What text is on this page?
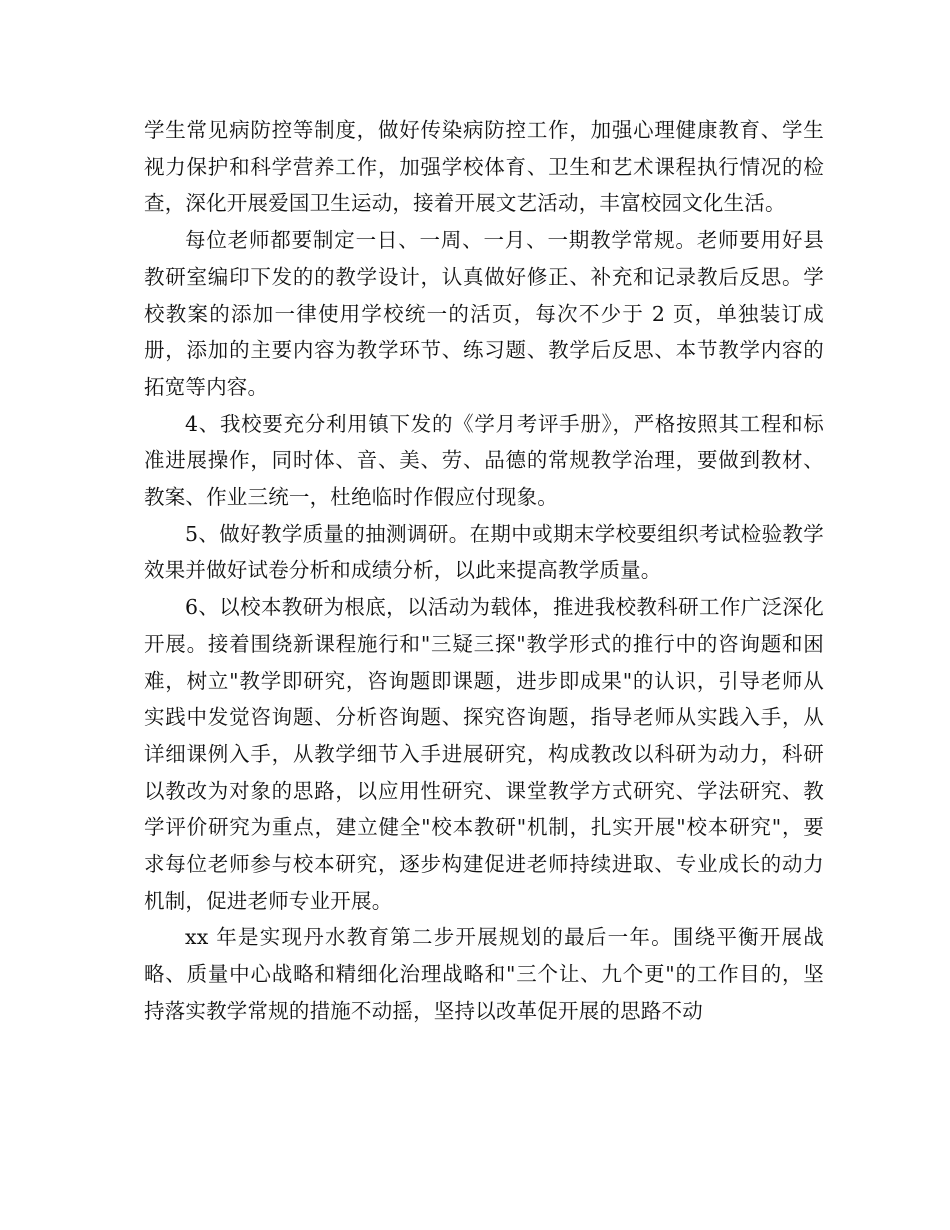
学生常见病防控等制度，做好传染病防控工作，加强心理健康教育、学生视力保护和科学营养工作，加强学校体育、卫生和艺术课程执行情况的检查，深化开展爱国卫生运动，接着开展文艺活动，丰富校园文化生活。

每位老师都要制定一日、一周、一月、一期教学常规。老师要用好县教研室编印下发的的教学设计，认真做好修正、补充和记录教后反思。学校教案的添加一律使用学校统一的活页，每次不少于 2 页，单独装订成册，添加的主要内容为教学环节、练习题、教学后反思、本节教学内容的拓宽等内容。

4、我校要充分利用镇下发的《学月考评手册》，严格按照其工程和标准进展操作，同时体、音、美、劳、品德的常规教学治理，要做到教材、教案、作业三统一，杜绝临时作假应付现象。

5、做好教学质量的抽测调研。在期中或期末学校要组织考试检验教学效果并做好试卷分析和成绩分析，以此来提高教学质量。

6、以校本教研为根底，以活动为载体，推进我校教科研工作广泛深化开展。接着围绕新课程施行和"三疑三探"教学形式的推行中的咨询题和困难，树立"教学即研究，咨询题即课题，进步即成果"的认识，引导老师从实践中发觉咨询题、分析咨询题、探究咨询题，指导老师从实践入手，从详细课例入手，从教学细节入手进展研究，构成教改以科研为动力，科研以教改为对象的思路，以应用性研究、课堂教学方式研究、学法研究、教学评价研究为重点，建立健全"校本教研"机制，扎实开展"校本研究"，要求每位老师参与校本研究，逐步构建促进老师持续进取、专业成长的动力机制，促进老师专业开展。

xx 年是实现丹水教育第二步开展规划的最后一年。围绕平衡开展战略、质量中心战略和精细化治理战略和"三个让、九个更"的工作目的，坚持落实教学常规的措施不动摇，坚持以改革促开展的思路不动
